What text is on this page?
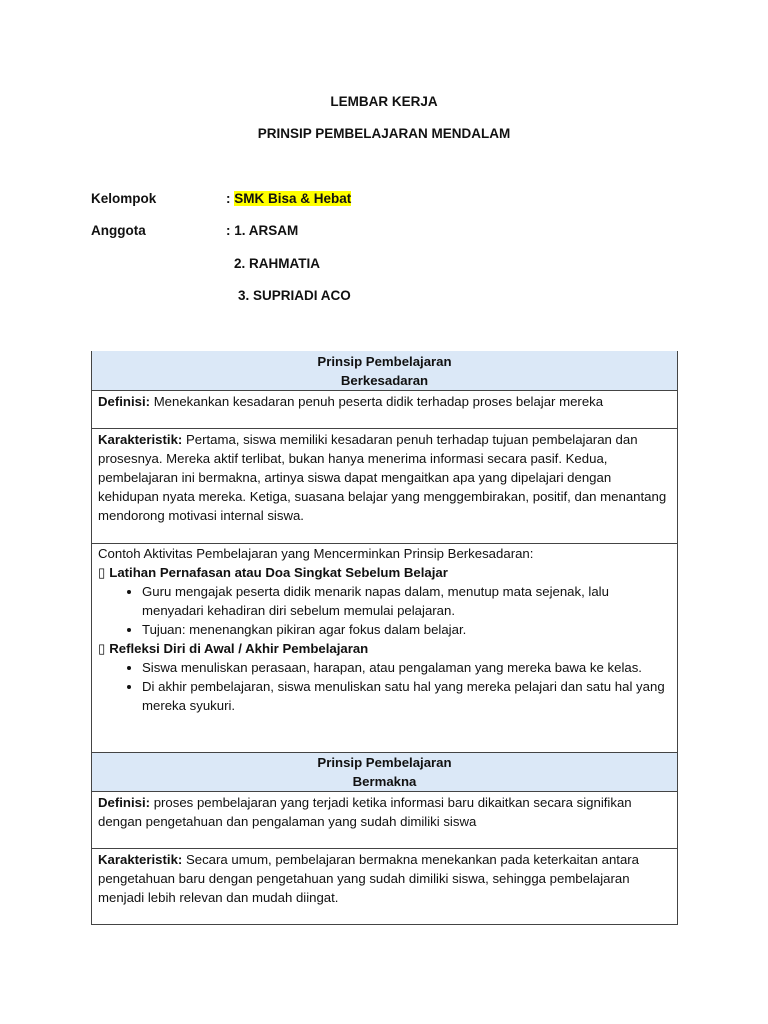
LEMBAR KERJA
PRINSIP PEMBELAJARAN MENDALAM
Kelompok	: SMK Bisa & Hebat
Anggota	: 1. ARSAM
2. RAHMATIA
3. SUPRIADI ACO
Prinsip Pembelajaran
Berkesadaran
Definisi: Menekankan kesadaran penuh peserta didik terhadap proses belajar mereka
Karakteristik: Pertama, siswa memiliki kesadaran penuh terhadap tujuan pembelajaran dan prosesnya. Mereka aktif terlibat, bukan hanya menerima informasi secara pasif. Kedua, pembelajaran ini bermakna, artinya siswa dapat mengaitkan apa yang dipelajari dengan kehidupan nyata mereka. Ketiga, suasana belajar yang menggembirakan, positif, dan menantang mendorong motivasi internal siswa.
Contoh Aktivitas Pembelajaran yang Mencerminkan Prinsip Berkesadaran:
▯ Latihan Pernafasan atau Doa Singkat Sebelum Belajar
• Guru mengajak peserta didik menarik napas dalam, menutup mata sejenak, lalu menyadari kehadiran diri sebelum memulai pelajaran.
• Tujuan: menenangkan pikiran agar fokus dalam belajar.
▯ Refleksi Diri di Awal / Akhir Pembelajaran
• Siswa menuliskan perasaan, harapan, atau pengalaman yang mereka bawa ke kelas.
• Di akhir pembelajaran, siswa menuliskan satu hal yang mereka pelajari dan satu hal yang mereka syukuri.
Prinsip Pembelajaran
Bermakna
Definisi: proses pembelajaran yang terjadi ketika informasi baru dikaitkan secara signifikan dengan pengetahuan dan pengalaman yang sudah dimiliki siswa
Karakteristik: Secara umum, pembelajaran bermakna menekankan pada keterkaitan antara pengetahuan baru dengan pengetahuan yang sudah dimiliki siswa, sehingga pembelajaran menjadi lebih relevan dan mudah diingat.
